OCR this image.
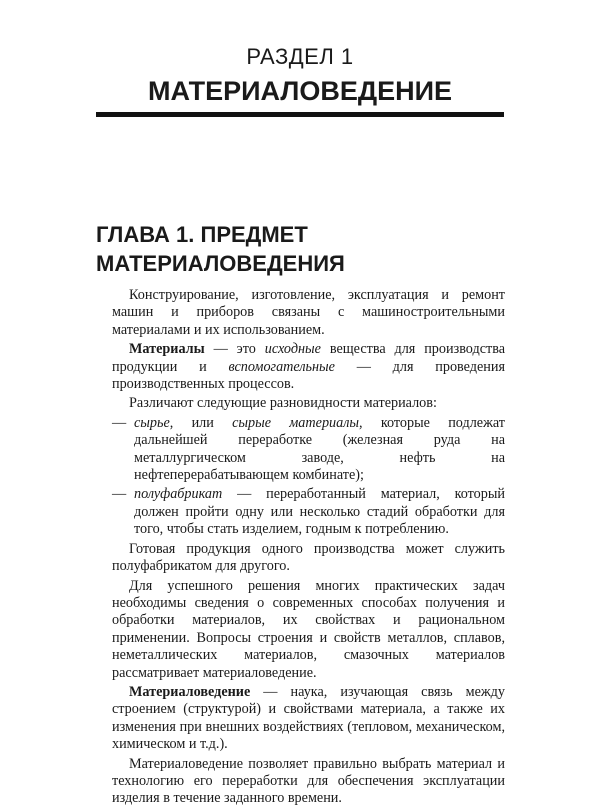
РАЗДЕЛ 1
МАТЕРИАЛОВЕДЕНИЕ
ГЛАВА 1. ПРЕДМЕТ
МАТЕРИАЛОВЕДЕНИЯ

Конструирование, изготовление, эксплуатация и ремонт машин и приборов связаны с машиностроительными материалами и их использованием.

Материалы — это исходные вещества для производства продукции и вспомогательные — для проведения производственных процессов.

Различают следующие разновидности материалов:

— сырье, или сырые материалы, которые подлежат дальнейшей переработке (железная руда на металлургическом заводе, нефть на нефтеперерабатывающем комбинате);

— полуфабрикат — переработанный материал, который должен пройти одну или несколько стадий обработки для того, чтобы стать изделием, годным к потреблению.

Готовая продукция одного производства может служить полуфабрикатом для другого.

Для успешного решения многих практических задач необходимы сведения о современных способах получения и обработки материалов, их свойствах и рациональном применении. Вопросы строения и свойств металлов, сплавов, неметаллических материалов, смазочных материалов рассматривает материаловедение.

Материаловедение — наука, изучающая связь между строением (структурой) и свойствами материала, а также их изменения при внешних воздействиях (тепловом, механическом, химическом и т.д.).

Материаловедение позволяет правильно выбрать материал и технологию его переработки для обеспечения эксплуатации изделия в течение заданного времени.
